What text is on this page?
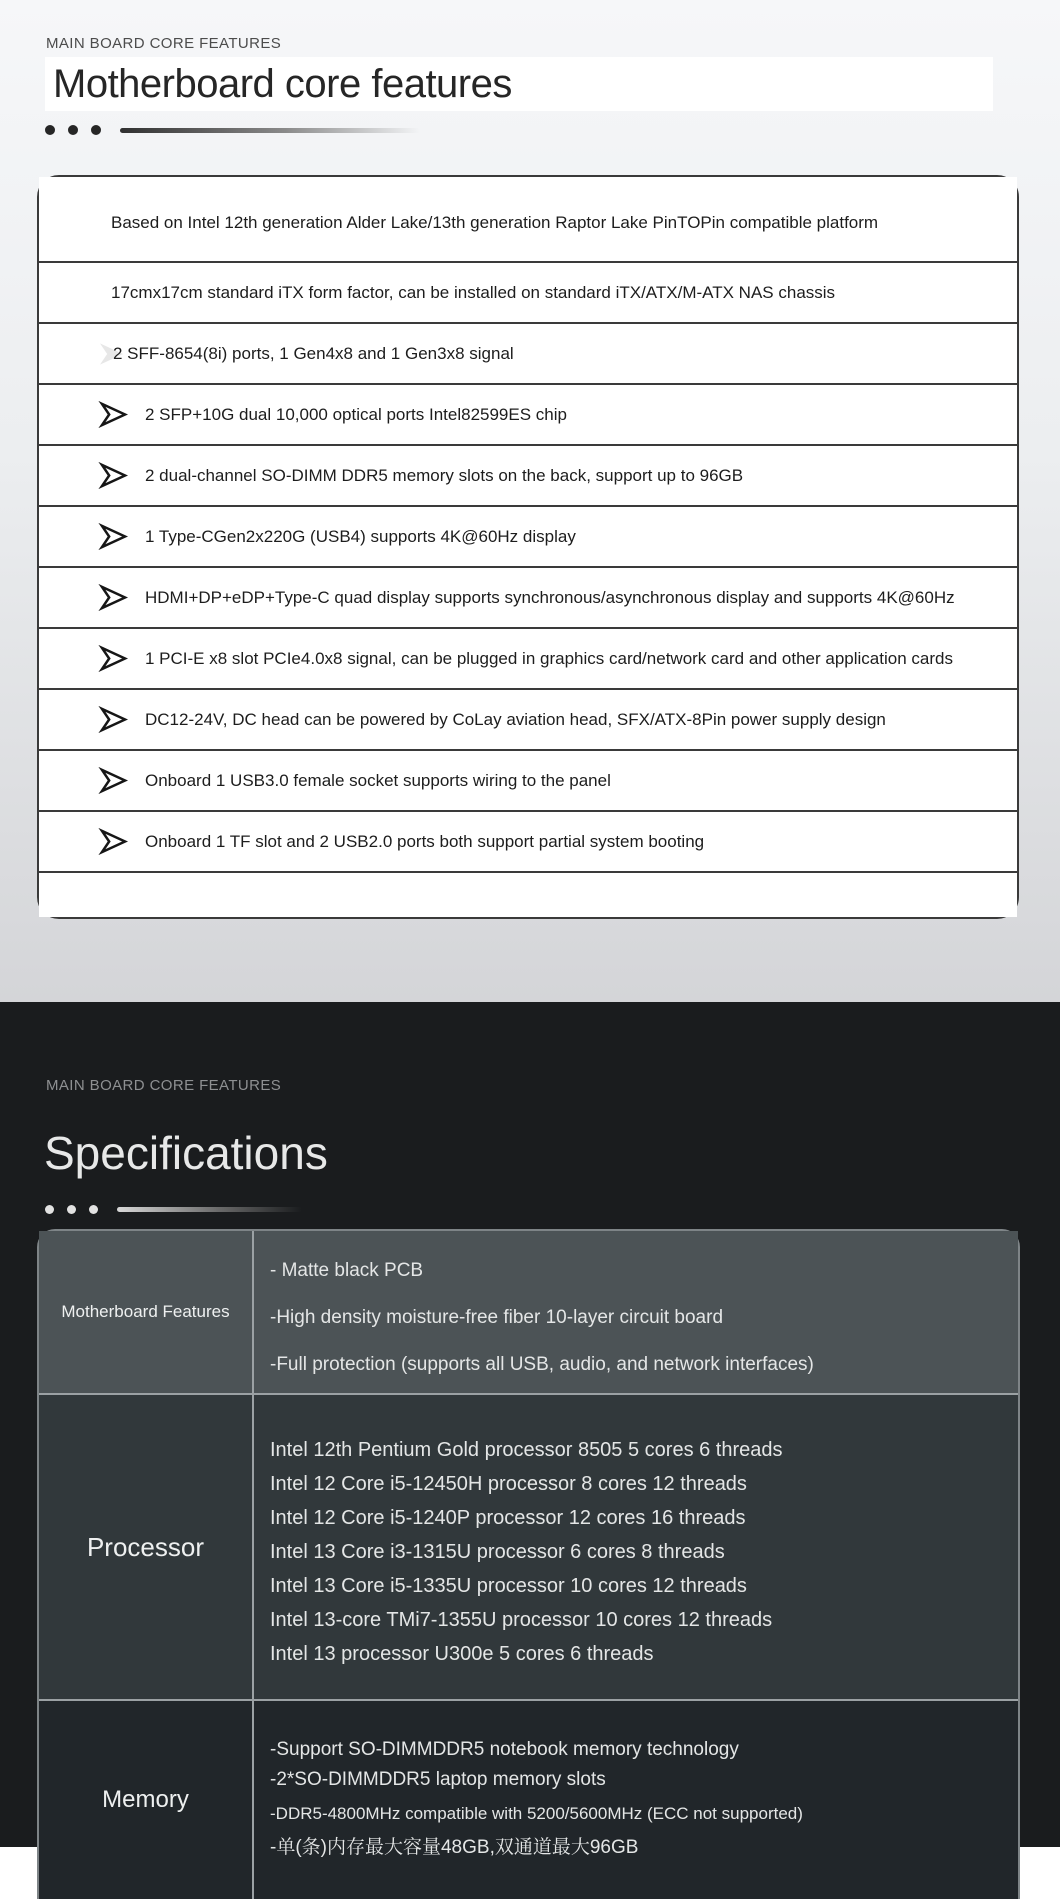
MAIN BOARD CORE FEATURES
Motherboard core features
Based on Intel 12th generation Alder Lake/13th generation Raptor Lake PinTOPin compatible platform
17cmx17cm standard iTX form factor, can be installed on standard iTX/ATX/M-ATX NAS chassis
2 SFF-8654(8i) ports, 1 Gen4x8 and 1 Gen3x8 signal
2 SFP+10G dual 10,000 optical ports Intel82599ES chip
2 dual-channel SO-DIMM DDR5 memory slots on the back, support up to 96GB
1 Type-CGen2x220G (USB4) supports 4K@60Hz display
HDMI+DP+eDP+Type-C quad display supports synchronous/asynchronous display and supports 4K@60Hz
1 PCI-E x8 slot PCIe4.0x8 signal, can be plugged in graphics card/network card and other application cards
DC12-24V, DC head can be powered by CoLay aviation head, SFX/ATX-8Pin power supply design
Onboard 1 USB3.0 female socket supports wiring to the panel
Onboard 1 TF slot and 2 USB2.0 ports both support partial system booting
MAIN BOARD CORE FEATURES
Specifications
Motherboard Features
- Matte black PCB
-High density moisture-free fiber 10-layer circuit board
-Full protection (supports all USB, audio, and network interfaces)
Processor
Intel 12th Pentium Gold processor 8505 5 cores 6 threads
Intel 12 Core i5-12450H processor 8 cores 12 threads
Intel 12 Core i5-1240P processor 12 cores 16 threads
Intel 13 Core i3-1315U processor 6 cores 8 threads
Intel 13 Core i5-1335U processor 10 cores 12 threads
Intel 13-core TMi7-1355U processor 10 cores 12 threads
Intel 13 processor U300e 5 cores 6 threads
Memory
-Support SO-DIMMDDR5 notebook memory technology
-2*SO-DIMMDDR5 laptop memory slots
-DDR5-4800MHz compatible with 5200/5600MHz (ECC not supported)
-单(条)内存最大容量48GB,双通道最大96GB
